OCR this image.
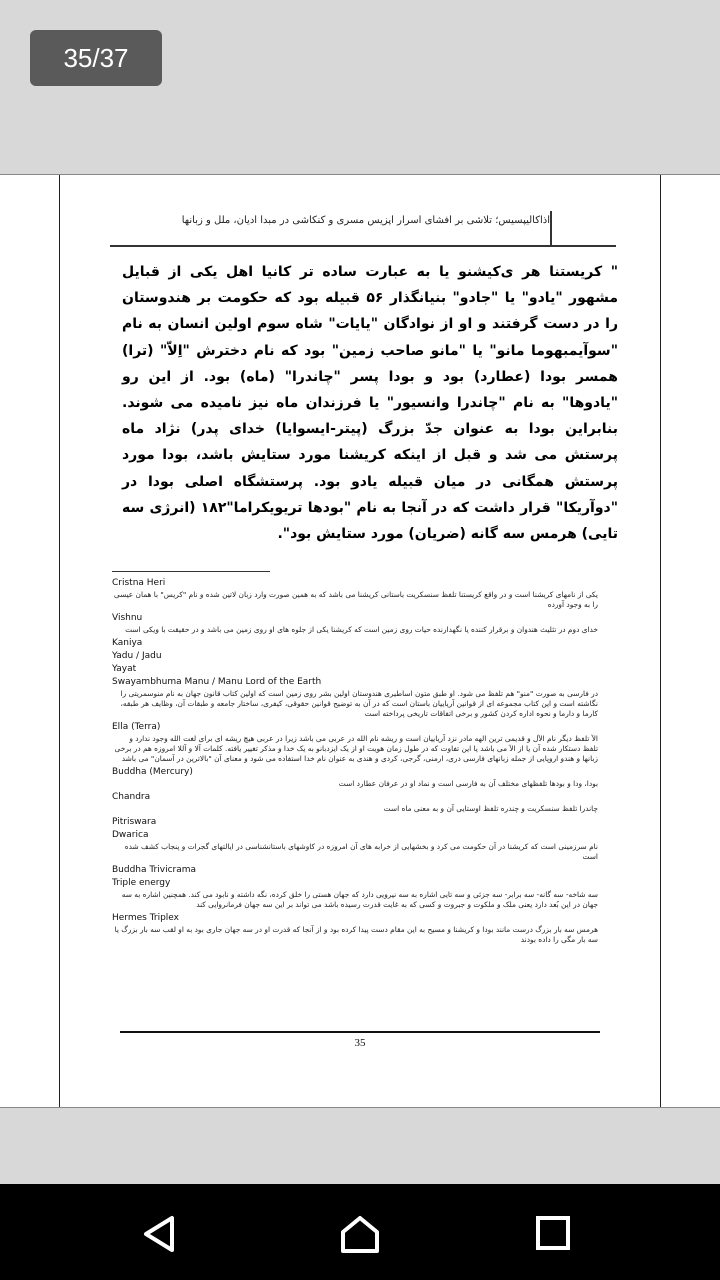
35/37
آذاکالیپسیس؛ تلاشی بر افشای اسرار اپزیس مسری و کنکاشی در مبدأ ادیان، ملل و زبانها
" کریستنا هر ی‌کیشنو یا به عبارت ساده تر کانیا اهل یکی از قبایل مشهور "یادو" یا "جادو" بنیانگذار ۵۶ قبیله بود که حکومت بر هندوستان را در دست گرفتند و او از نوادگان "یایات" شاه سوم اولین انسان به نام "سوآیمبهوما مانو" یا "مانو صاحب زمین" بود که نام دخترش "اِلاّ" (ترا) همسر بودا (عطارد) بود و بودا پسر "چاندرا" (ماه) بود. از این رو "یادوها" به نام "چاندرا وانسیور" یا فرزندان ماه نیز نامیده می شوند. بنابراین بودا به عنوان جدّ بزرگ (پیتر-ایسوایا) خدای پدر) نژاد ماه پرستش می شد و قبل از اینکه کریشنا مورد ستایش باشد، بودا مورد پرستش همگانی در میان قبیله یادو بود. پرستشگاه اصلی بودا در "دوآریکا" قرار داشت که در آنجا به نام "بودها تریویکراما"۱۸۲ (انرژی سه تایی) هرمس سه گانه (ضریان) مورد ستایش بود".
Cristna Heri
یکی از نامهای کریشنا است و در واقع کریستنا تلفظ سنسکریت باستانی کریشنا می باشد که به همین صورت وارد زبان لاتین شده و نام "کریس" با همان عیسی را به وجود آورده
Vishnu
خدای دوم در تثلیث هندوان و برقرار کننده یا نگهدارنده حیات روی زمین است که کریشنا یکی از جلوه های او روی زمین می باشد و در حقیقت با ویکی است
Kaniya
Yadu / Jadu
Yayat
Swayambhuma Manu / Manu Lord of the Earth
در فارسی به صورت "منو" هم تلفظ می شود. او طبق متون اساطیری هندوستان اولین بشر روی زمین است که اولین کتاب قانون جهان به نام منوسمریتی را نگاشته است و این کتاب مجموعه ای از قوانین آریاییان باستان است که در آن به توضیح قوانین حقوقی، کیفری، ساختار جامعه و طبقات آن، وظایف هر طبقه، کارما و دارما و نحوه اداره کردن کشور و برخی اتفاقات تاریخی پرداخته است
Ella (Terra)
الآ تلفظ دیگر نام الآل و قدیمی ترین الهه مادر نزد آریاییان است و ریشه نام الله در عربی می باشد زیرا در عربی هیچ ریشه ای برای لغت الله وجود ندارد و تلفظ دستکار شده آن یا از الآ می باشد یا این تفاوت که در طول زمان هویت او از یک ایزدبانو به یک خدا و مذکر تغییر یافته. کلمات آلا و آللا امروزه هم در برخی زبانها و هندو اروپایی از جمله زبانهای فارسی دری، ارمنی، گرجی، کردی و هندی به عنوان نام خدا استفاده می شود و معنای آن "بالاترین در آسمان" می باشد
Buddha (Mercury)
بودا، ودا و بودها تلفظهای مختلف آن به فارسی است و نماد او در عرفان عطارد است
Chandra
چاندرا تلفظ سنسکریت و چندره تلفظ اوستایی آن و به معنی ماه است
Pitriswara
Dwarica
نام سرزمینی است که کریشنا در آن حکومت می کرد و بخشهایی از خرابه های آن امروزه در کاوشهای باستانشناسی در ایالتهای گجرات و پنجاب کشف شده است
Buddha Trivicrama
Triple energy
سه شاخه- سه گانه- سه برابر- سه جزئی و سه تایی اشاره به سه نیرویی دارد که جهان هستی را خلق کرده، نگه داشته و نابود می کند. همچنین اشاره به سه جهان در این بُعد دارد یعنی ملک و ملکوت و جبروت و کسی که به غایت قدرت رسیده باشد می تواند بر این سه جهان فرمانروایی کند
Hermes Triplex
هرمس سه بار بزرگ درست مانند بودا و کریشنا و مسیح به این مقام دست پیدا کرده بود و از آنجا که قدرت او در سه جهان جاری بود به او لقب سه بار بزرگ یا سه بار مگی را داده بودند
35
